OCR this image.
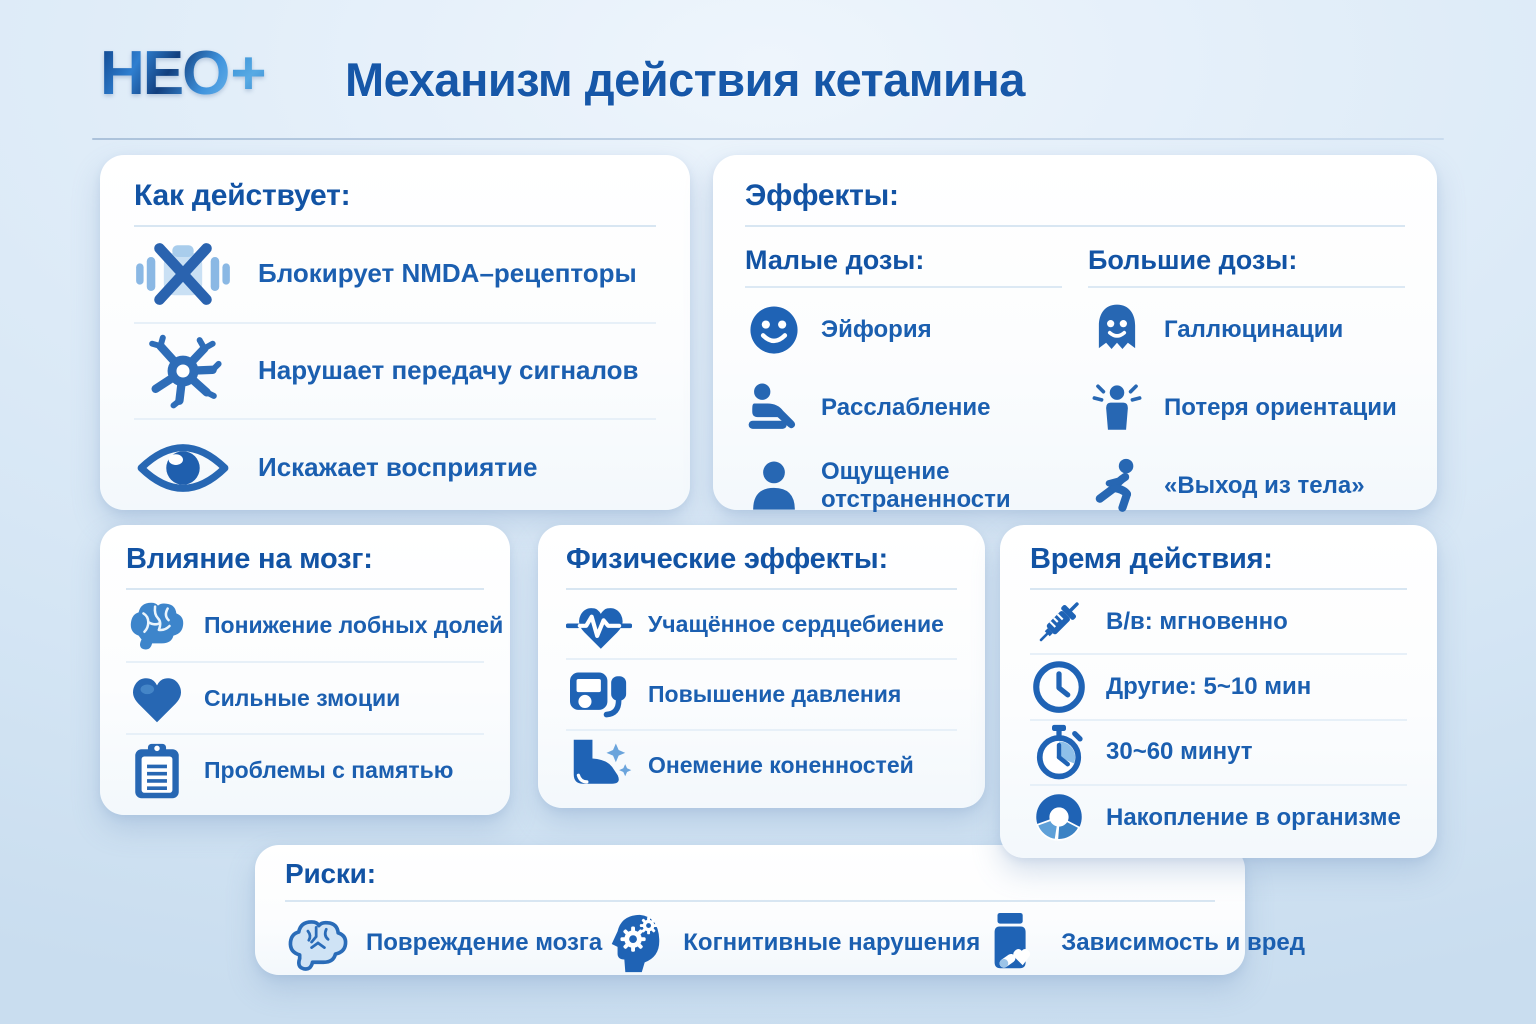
НЕО + Механизм действия кетамина
Как действует:
Блокирует NMDA–рецепторы
Нарушает передачу сигналов
Искажает восприятие
Эффекты:
Малые дозы:
Эйфория
Расслабление
Ощущение отстраненности
Большие дозы:
Галлюцинации
Потеря ориентации
«Выход из тела»
Влияние на мозг:
Понижение лобных долей
Сильные змоции
Проблемы с памятью
Физические эффекты:
Учащённое сердцебиение
Повышение давления
Онемение коненностей
Время действия:
В/в: мгновенно
Другие: 5~10 мин
30~60 минут
Накопление в организме
Риски:
Повреждение мозга	Когнитивные нарушения	Зависимость и вред
